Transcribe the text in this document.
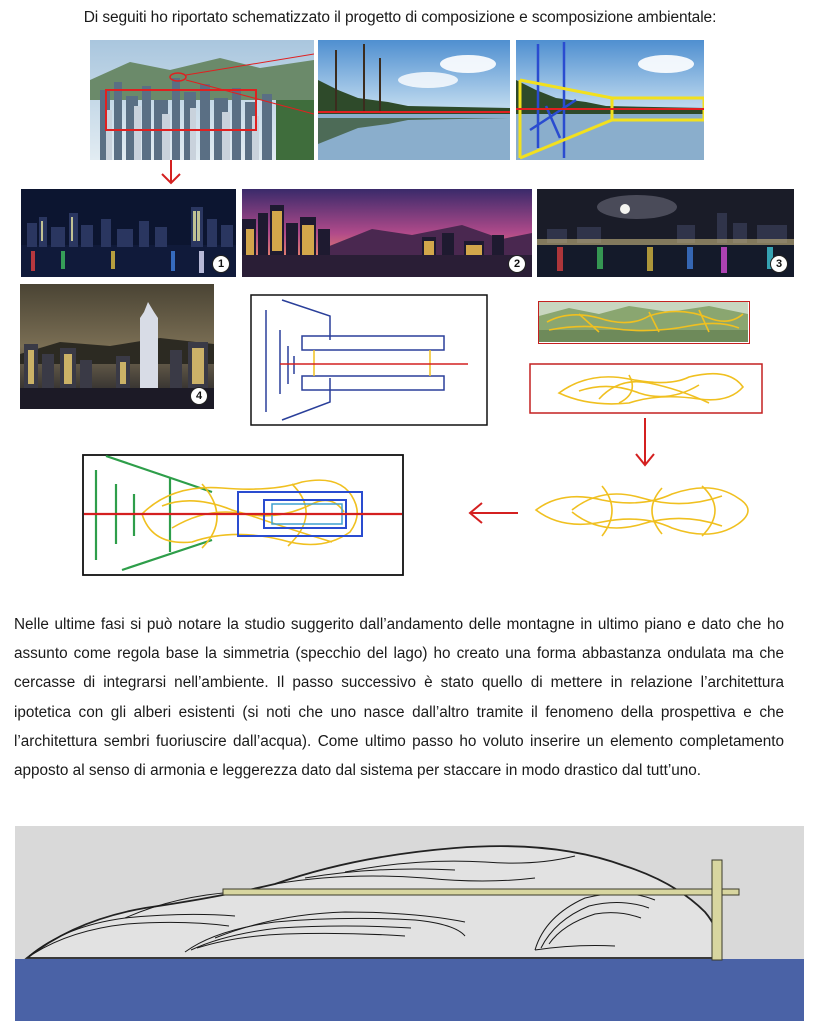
Di seguiti ho riportato schematizzato il progetto di composizione e scomposizione ambientale:
1	2	3
4
Nelle ultime fasi si può notare la studio suggerito dall’andamento delle montagne in ultimo piano e dato che ho
assunto come regola base la simmetria (specchio del lago) ho creato una forma abbastanza ondulata ma che
cercasse di integrarsi nell’ambiente. Il passo successivo è stato quello di mettere in relazione l’architettura
ipotetica con gli alberi esistenti (si noti che uno nasce dall’altro tramite il fenomeno della prospettiva e che
l’architettura sembri fuoriuscire dall’acqua). Come ultimo passo ho voluto inserire un elemento completamento
apposto al senso di armonia e leggerezza dato dal sistema per staccare in modo drastico dal tutt’uno.
